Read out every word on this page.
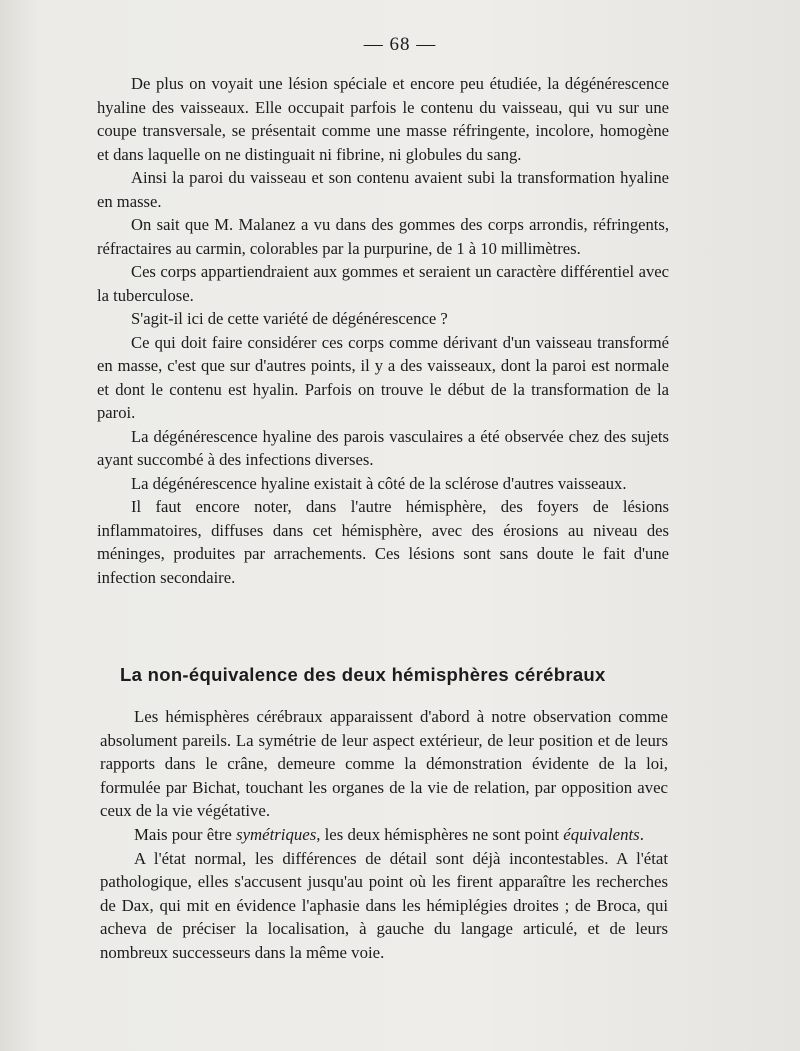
— 68 —

De plus on voyait une lésion spéciale et encore peu étudiée, la dégénérescence hyaline des vaisseaux. Elle occupait parfois le contenu du vaisseau, qui vu sur une coupe transversale, se présentait comme une masse réfringente, incolore, homogène et dans laquelle on ne distinguait ni fibrine, ni globules du sang.

Ainsi la paroi du vaisseau et son contenu avaient subi la transformation hyaline en masse.

On sait que M. Malanez a vu dans des gommes des corps arrondis, réfringents, réfractaires au carmin, colorables par la purpurine, de 1 à 10 millimètres.

Ces corps appartiendraient aux gommes et seraient un caractère différentiel avec la tuberculose.

S'agit-il ici de cette variété de dégénérescence ?

Ce qui doit faire considérer ces corps comme dérivant d'un vaisseau transformé en masse, c'est que sur d'autres points, il y a des vaisseaux, dont la paroi est normale et dont le contenu est hyalin. Parfois on trouve le début de la transformation de la paroi.

La dégénérescence hyaline des parois vasculaires a été observée chez des sujets ayant succombé à des infections diverses.

La dégénérescence hyaline existait à côté de la sclérose d'autres vaisseaux.

Il faut encore noter, dans l'autre hémisphère, des foyers de lésions inflammatoires, diffuses dans cet hémisphère, avec des érosions au niveau des méninges, produites par arrachements. Ces lésions sont sans doute le fait d'une infection secondaire.

La non-équivalence des deux hémisphères cérébraux

Les hémisphères cérébraux apparaissent d'abord à notre observation comme absolument pareils. La symétrie de leur aspect extérieur, de leur position et de leurs rapports dans le crâne, demeure comme la démonstration évidente de la loi, formulée par Bichat, touchant les organes de la vie de relation, par opposition avec ceux de la vie végétative.

Mais pour être symétriques, les deux hémisphères ne sont point équivalents.

A l'état normal, les différences de détail sont déjà incontestables. A l'état pathologique, elles s'accusent jusqu'au point où les firent apparaître les recherches de Dax, qui mit en évidence l'aphasie dans les hémiplégies droites ; de Broca, qui acheva de préciser la localisation, à gauche du langage articulé, et de leurs nombreux successeurs dans la même voie.
